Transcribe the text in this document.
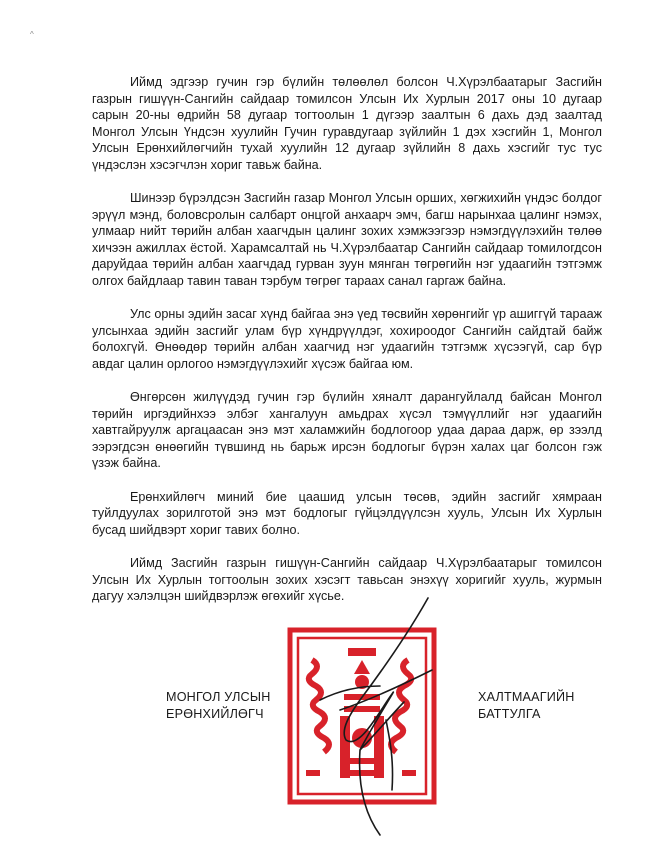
^

Иймд эдгээр гучин гэр бүлийн төлөөлөл болсон Ч.Хүрэлбаатарыг Засгийн газрын гишүүн-Сангийн сайдаар томилсон Улсын Их Хурлын 2017 оны 10 дугаар сарын 20-ны өдрийн 58 дугаар тогтоолын 1 дүгээр заалтын 6 дахь дэд заалтад Монгол Улсын Үндсэн хуулийн Гучин гуравдугаар зүйлийн 1 дэх хэсгийн 1, Монгол Улсын Ерөнхийлөгчийн тухай хуулийн 12 дугаар зүйлийн 8 дахь хэсгийг тус тус үндэслэн хэсэгчлэн хориг тавьж байна.

Шинээр бүрэлдсэн Засгийн газар Монгол Улсын орших, хөгжихийн үндэс болдог эрүүл мэнд, боловсролын салбарт онцгой анхаарч эмч, багш нарынхаа цалинг нэмэх, улмаар нийт төрийн албан хаагчдын цалинг зохих хэмжээгээр нэмэгдүүлэхийн төлөө хичээн ажиллах ёстой. Харамсалтай нь Ч.Хүрэлбаатар Сангийн сайдаар томилогдсон даруйдаа төрийн албан хаагчдад гурван зуун мянган төгрөгийн нэг удаагийн тэтгэмж олгох байдлаар тавин таван тэрбум төгрөг тараах санал гаргаж байна.

Улс орны эдийн засаг хүнд байгаа энэ үед төсвийн хөрөнгийг үр ашиггүй тарааж улсынхаа эдийн засгийг улам бүр хүндрүүлдэг, хохироодог Сангийн сайдтай байж болохгүй. Өнөөдөр төрийн албан хаагчид нэг удаагийн тэтгэмж хүсээгүй, сар бүр авдаг цалин орлогоо нэмэгдүүлэхийг хүсэж байгаа юм.

Өнгөрсөн жилүүдэд гучин гэр бүлийн хяналт дарангуйлалд байсан Монгол төрийн иргэдийнхээ элбэг хангалуун амьдрах хүсэл тэмүүллийг нэг удаагийн хавтгайруулж аргацаасан энэ мэт халамжийн бодлогоор удаа дараа дарж, өр зээлд ээрэгдсэн өнөөгийн түвшинд нь барьж ирсэн бодлогыг бүрэн халах цаг болсон гэж үзэж байна.

Ерөнхийлөгч миний бие цаашид улсын төсөв, эдийн засгийг хямраан туйлдуулах зорилготой энэ мэт бодлогыг гүйцэлдүүлсэн хууль, Улсын Их Хурлын бусад шийдвэрт хориг тавих болно.

Иймд Засгийн газрын гишүүн-Сангийн сайдаар Ч.Хүрэлбаатарыг томилсон Улсын Их Хурлын тогтоолын зохих хэсэгт тавьсан энэхүү хоригийг хууль, журмын дагуу хэлэлцэн шийдвэрлэж өгөхийг хүсье.

МОНГОЛ УЛСЫН
ЕРӨНХИЙЛӨГЧ
ХАЛТМААГИЙН
БАТТУЛГА
